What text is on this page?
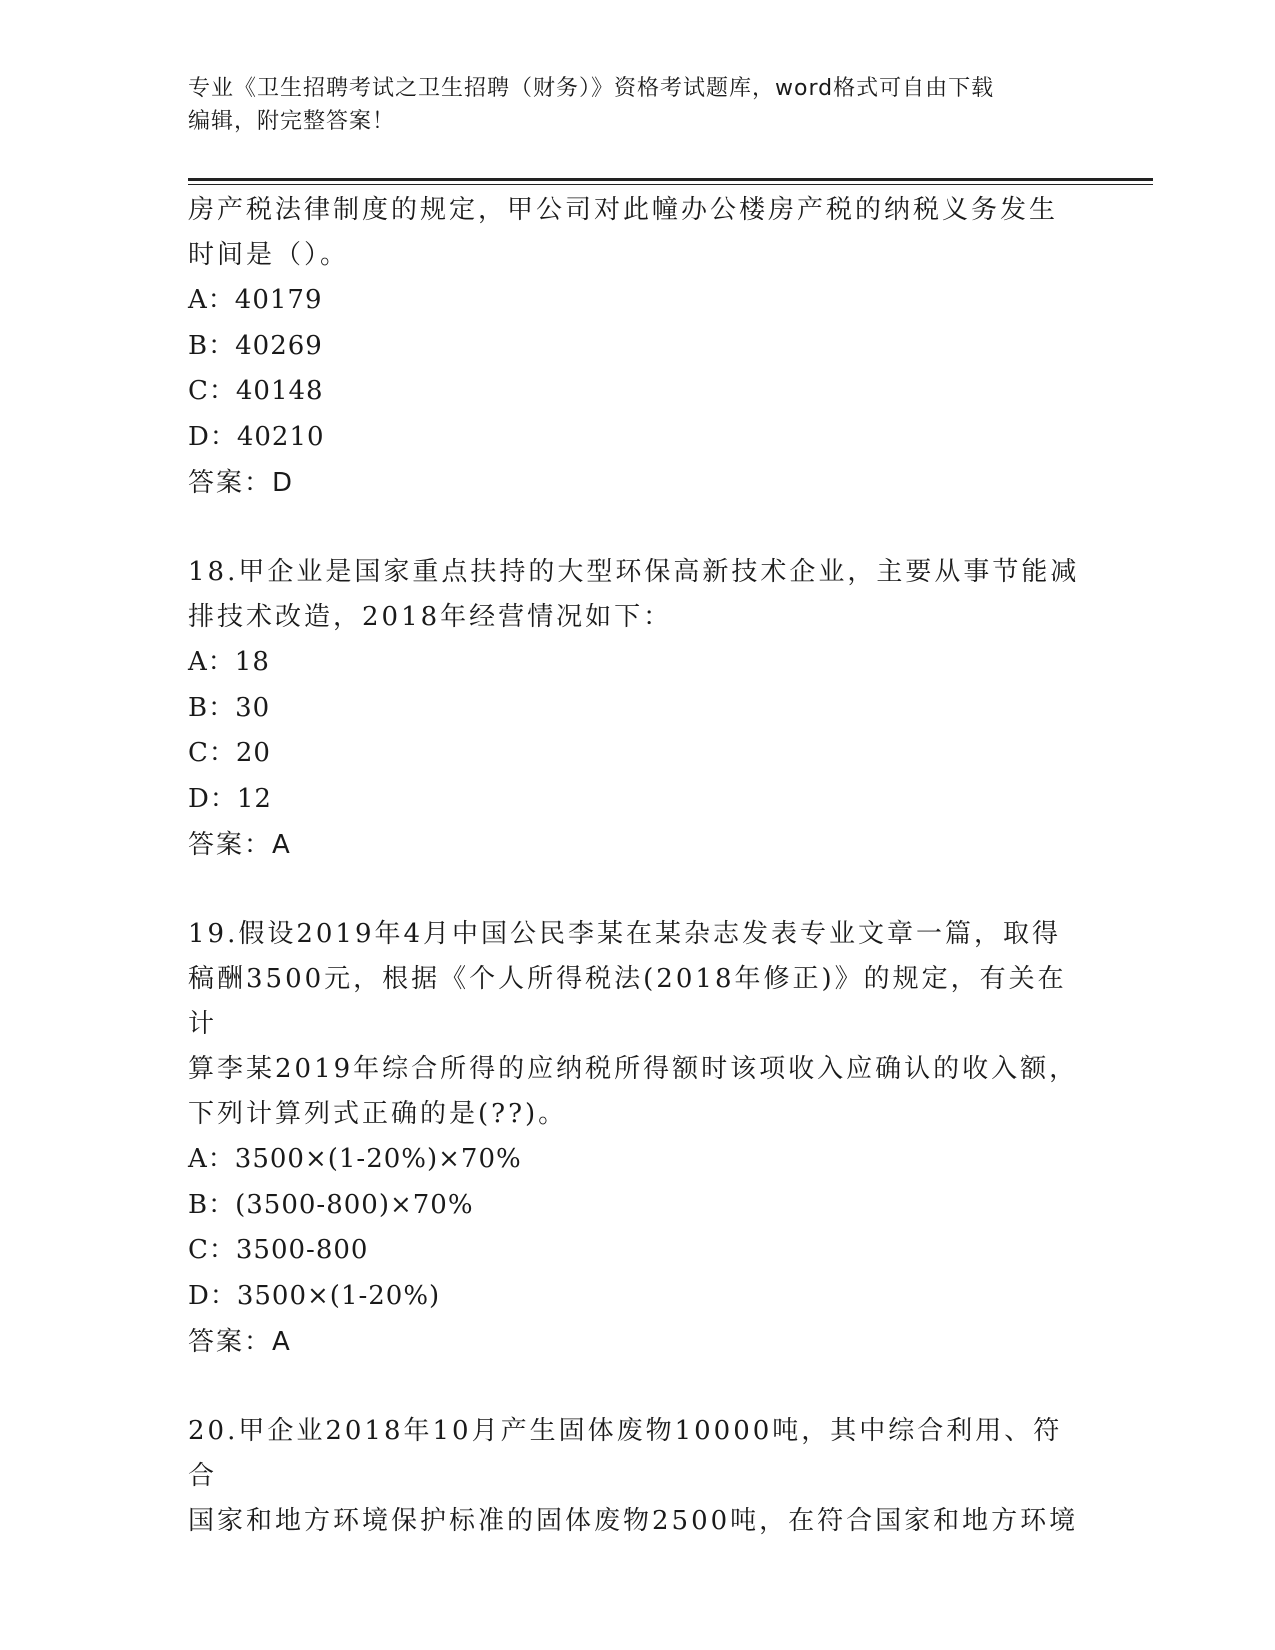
专业《卫生招聘考试之卫生招聘（财务）》资格考试题库，word格式可自由下载
编辑，附完整答案！

房产税法律制度的规定，甲公司对此幢办公楼房产税的纳税义务发生

时间是（）。

A：40179

B：40269

C：40148

D：40210

答案：D

18.甲企业是国家重点扶持的大型环保高新技术企业，主要从事节能减

排技术改造，2018年经营情况如下：

A：18

B：30

C：20

D：12

答案：A

19.假设2019年4月中国公民李某在某杂志发表专业文章一篇，取得

稿酬3500元，根据《个人所得税法(2018年修正)》的规定，有关在计

算李某2019年综合所得的应纳税所得额时该项收入应确认的收入额，

下列计算列式正确的是(??)。

A：3500×(1-20%)×70%

B：(3500-800)×70%

C：3500-800

D：3500×(1-20%)

答案：A

20.甲企业2018年10月产生固体废物10000吨，其中综合利用、符合

国家和地方环境保护标准的固体废物2500吨，在符合国家和地方环境
